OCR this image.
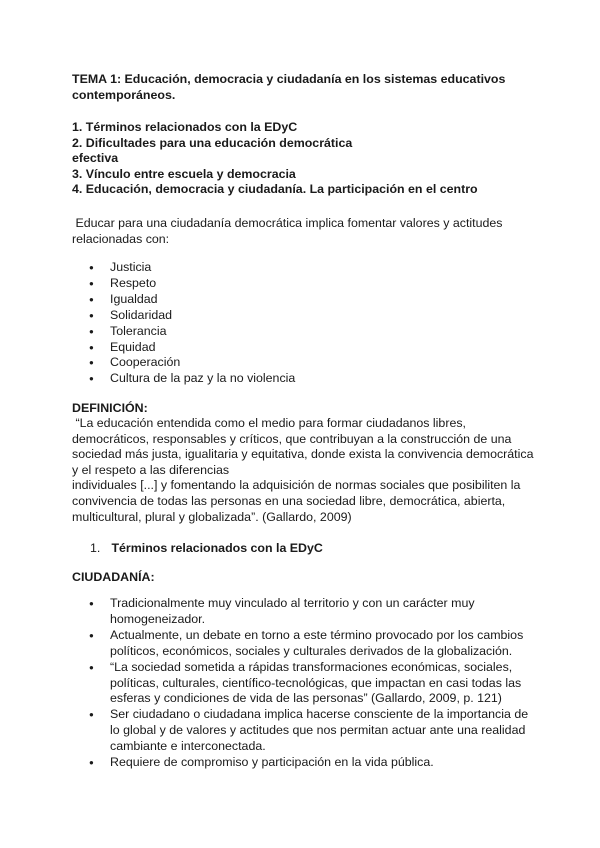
TEMA 1: Educación, democracia y ciudadanía en los sistemas educativos
contemporáneos.
1. Términos relacionados con la EDyC
2. Dificultades para una educación democrática
efectiva
3. Vínculo entre escuela y democracia
4. Educación, democracia y ciudadanía. La participación en el centro
Educar para una ciudadanía democrática implica fomentar valores y actitudes
relacionadas con:
● Justicia
● Respeto
● Igualdad
● Solidaridad
● Tolerancia
● Equidad
● Cooperación
● Cultura de la paz y la no violencia
DEFINICIÓN:
“La educación entendida como el medio para formar ciudadanos libres,
democráticos, responsables y críticos, que contribuyan a la construcción de una
sociedad más justa, igualitaria y equitativa, donde exista la convivencia democrática
y el respeto a las diferencias
individuales [...] y fomentando la adquisición de normas sociales que posibiliten la
convivencia de todas las personas en una sociedad libre, democrática, abierta,
multicultural, plural y globalizada”. (Gallardo, 2009)
1. Términos relacionados con la EDyC
CIUDADANÍA:
● Tradicionalmente muy vinculado al territorio y con un carácter muy
homogeneizador.
● Actualmente, un debate en torno a este término provocado por los cambios
políticos, económicos, sociales y culturales derivados de la globalización.
● “La sociedad sometida a rápidas transformaciones económicas, sociales,
políticas, culturales, científico-tecnológicas, que impactan en casi todas las
esferas y condiciones de vida de las personas” (Gallardo, 2009, p. 121)
● Ser ciudadano o ciudadana implica hacerse consciente de la importancia de
lo global y de valores y actitudes que nos permitan actuar ante una realidad
cambiante e interconectada.
● Requiere de compromiso y participación en la vida pública.
